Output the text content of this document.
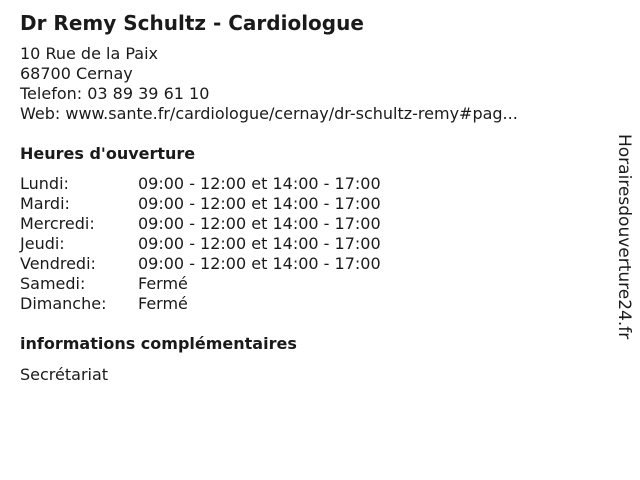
Dr Remy Schultz - Cardiologue
10 Rue de la Paix
68700 Cernay
Telefon: 03 89 39 61 10
Web: www.sante.fr/cardiologue/cernay/dr-schultz-remy#pag...
Heures d'ouverture
Lundi:	09:00 - 12:00 et 14:00 - 17:00
Mardi:	09:00 - 12:00 et 14:00 - 17:00
Mercredi:	09:00 - 12:00 et 14:00 - 17:00
Jeudi:	09:00 - 12:00 et 14:00 - 17:00
Vendredi:	09:00 - 12:00 et 14:00 - 17:00
Samedi:	Fermé
Dimanche:	Fermé
informations complémentaires
Secrétariat
Horairesdouverture24.fr
